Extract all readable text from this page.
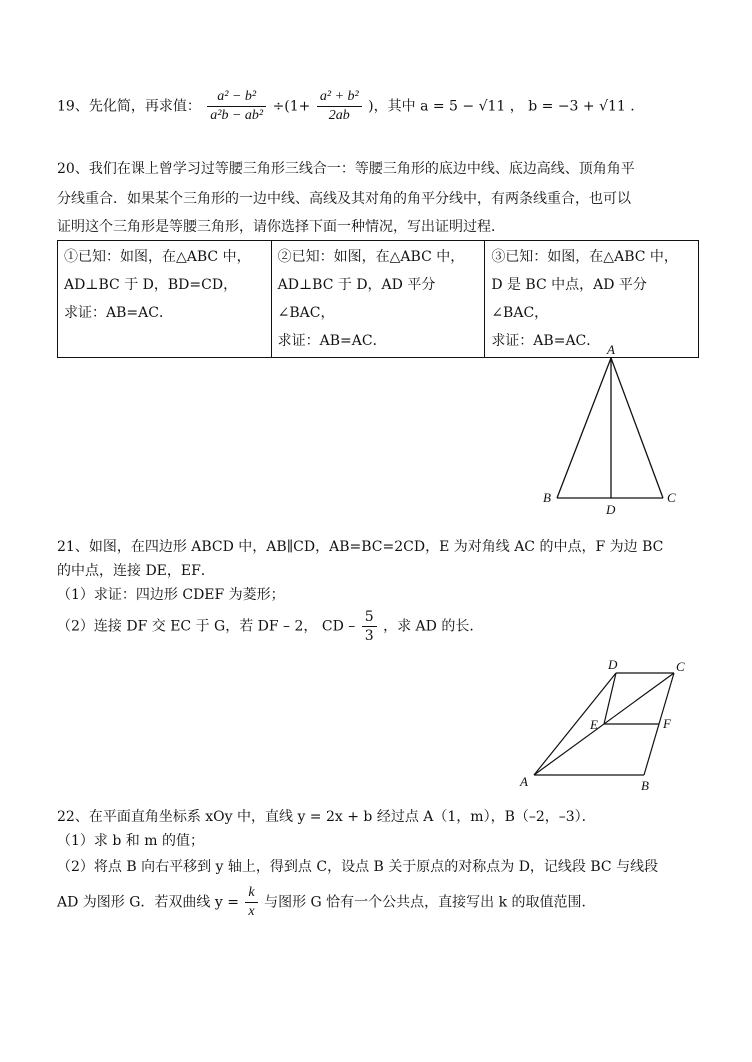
19、先化简，再求值： $\frac{\text{a² − b²}}{\text{a²b − ab²}} \div(1+ \frac{\text{a² + b²}}{2ab}$ )，其中 a = 5 − √11 ， b = −3 + √11 .
20、我们在课上曾学习过等腰三角形三线合一：等腰三角形的底边中线、底边高线、顶角角平
分线重合．如果某个三角形的一边中线、高线及其对角的角平分线中，有两条线重合，也可以
证明这个三角形是等腰三角形，请你选择下面一种情况，写出证明过程．
①已知：如图，在△ABC 中，
AD⊥BC 于 D，BD=CD，
求证：AB=AC．

②已知：如图，在△ABC 中，
AD⊥BC 于 D，AD 平分∠BAC，
求证：AB=AC．

③已知：如图，在△ABC 中，
D 是 BC 中点，AD 平分∠BAC，
求证：AB=AC．
A
B	C
D
21、如图，在四边形 ABCD 中，AB∥CD，AB=BC=2CD，E 为对角线 AC 的中点，F 为边 BC
的中点，连接 DE，EF．
（1）求证：四边形 CDEF 为菱形；
（2）连接 DF 交 EC 于 G，若 DF – 2， CD – $\frac{5}{3}$ ，求 AD 的长．
D	C
E	F
A	B
22、在平面直角坐标系 xOy 中，直线 y = 2x + b 经过点 A（1，m），B（–2，–3）．
（1）求 b 和 m 的值；
（2）将点 B 向右平移到 y 轴上，得到点 C，设点 B 关于原点的对称点为 D，记线段 BC 与线段
AD 为图形 G．若双曲线 $y = \frac{k}{x}$ 与图形 G 恰有一个公共点，直接写出 k 的取值范围．
